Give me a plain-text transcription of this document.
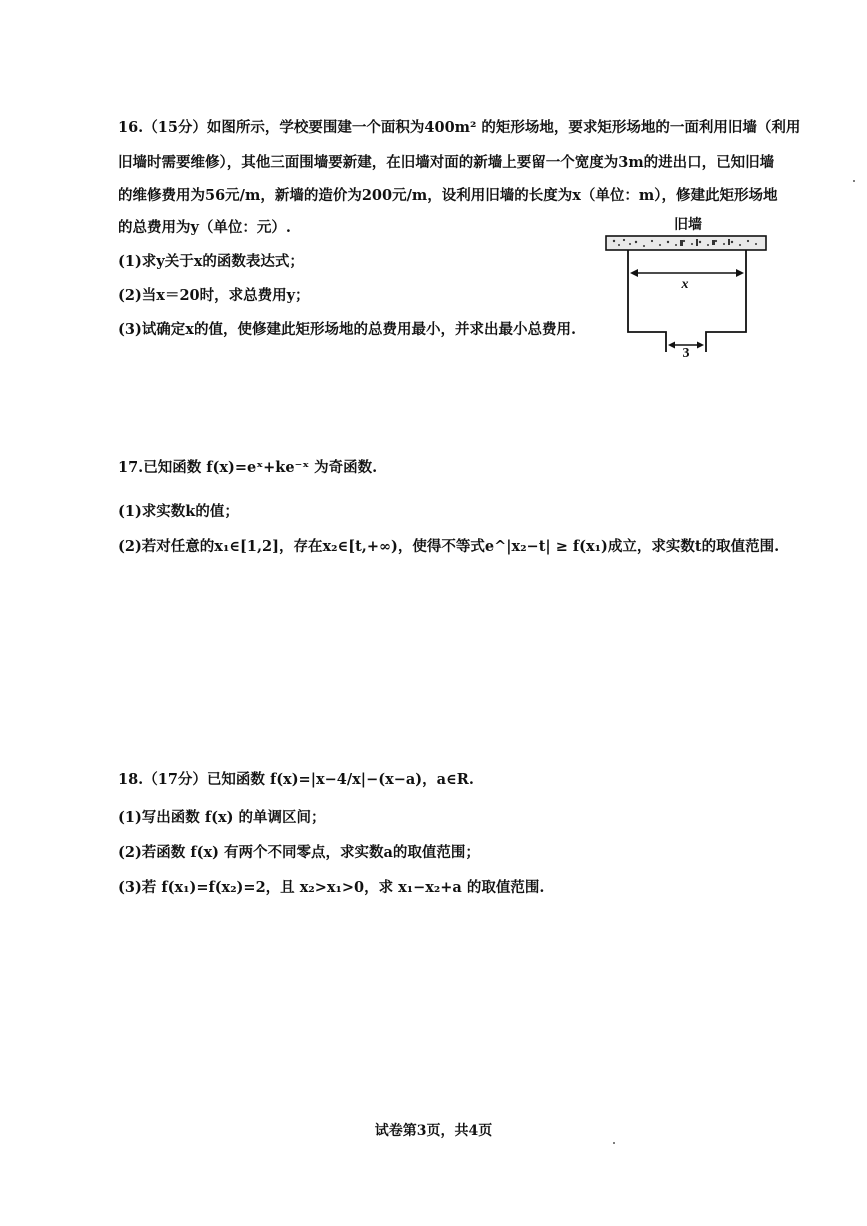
16.（15分）如图所示，学校要围建一个面积为400m² 的矩形场地，要求矩形场地的一面利用旧墙（利用
旧墙时需要维修），其他三面围墙要新建，在旧墙对面的新墙上要留一个宽度为3m的进出口，已知旧墙
的维修费用为56元/m，新墙的造价为200元/m，设利用旧墙的长度为x（单位：m），修建此矩形场地
的总费用为y（单位：元）.
(1)求y关于x的函数表达式；
(2)当x＝20时，求总费用y；
(3)试确定x的值，使修建此矩形场地的总费用最小，并求出最小总费用.
旧墙
x
3
17.已知函数 f(x)=eˣ+ke⁻ˣ 为奇函数.
(1)求实数k的值；
(2)若对任意的x₁∈[1,2]，存在x₂∈[t,+∞)，使得不等式e^|x₂−t| ≥ f(x₁)成立，求实数t的取值范围.
18.（17分）已知函数 f(x)=|x−4/x|−(x−a)，a∈R.
(1)写出函数 f(x) 的单调区间；
(2)若函数 f(x) 有两个不同零点，求实数a的取值范围；
(3)若 f(x₁)=f(x₂)=2，且 x₂>x₁>0，求 x₁−x₂+a 的取值范围.
试卷第3页，共4页
